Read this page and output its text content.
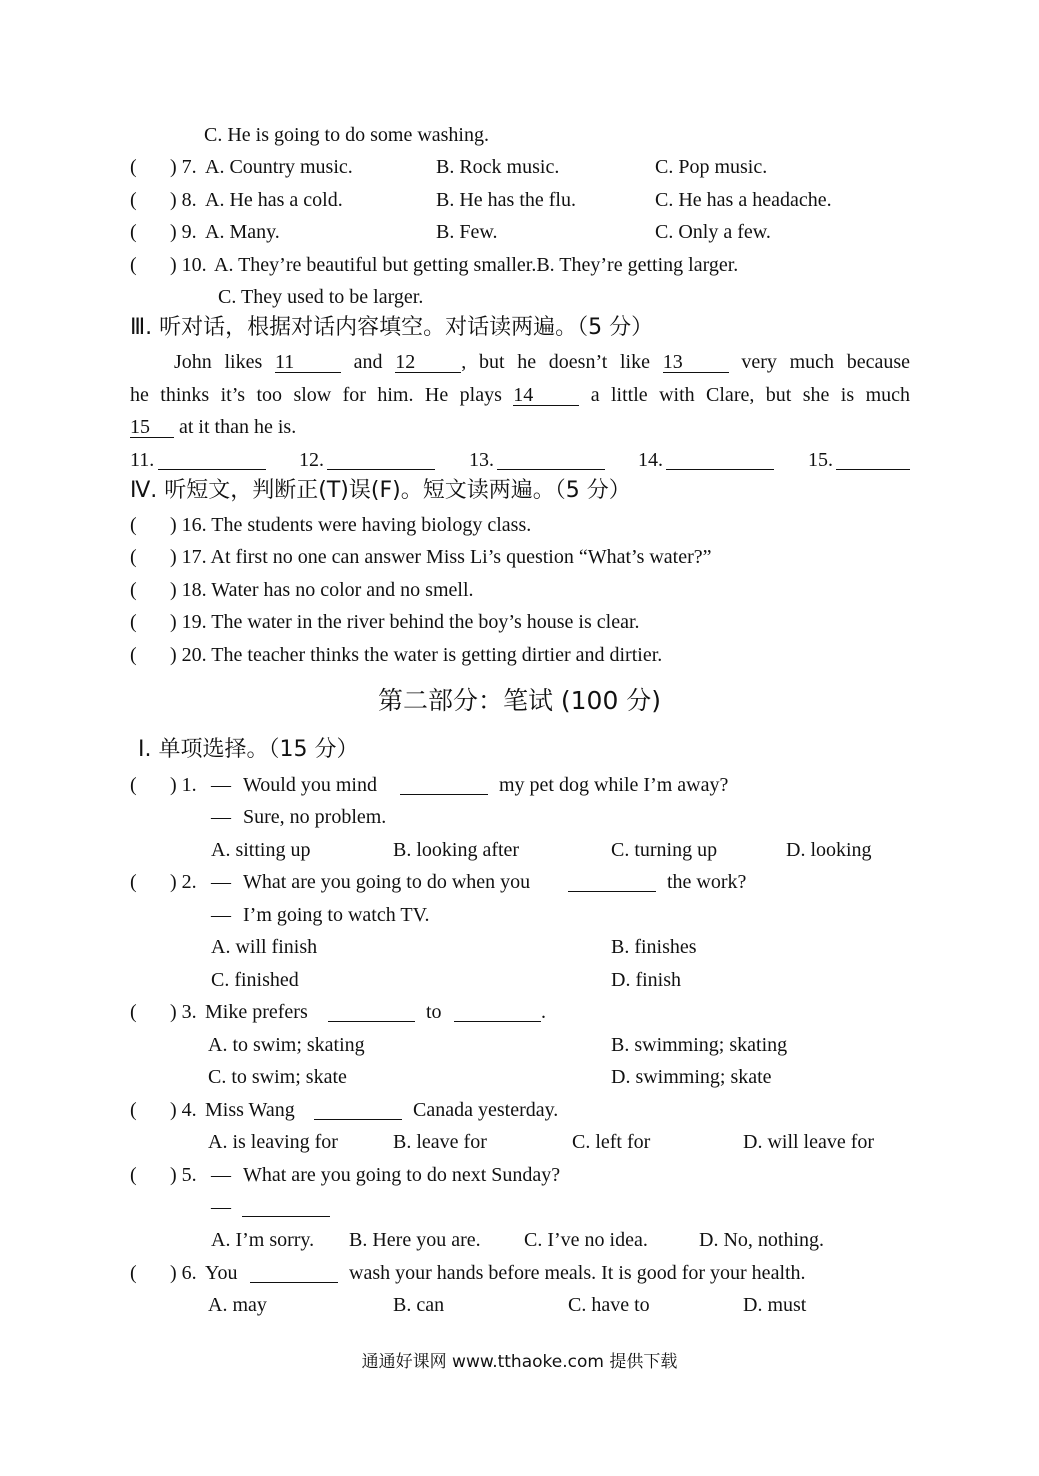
C. He is going to do some washing.
( ) 7. A. Country music.	B. Rock music.	C. Pop music.
( ) 8. A. He has a cold.	B. He has the flu.	C. He has a headache.
( ) 9. A. Many.	B. Few.	C. Only a few.
( ) 10. A. They’re beautiful but getting smaller.B. They’re getting larger.
C. They used to be larger.
Ⅲ. 听对话，根据对话内容填空。对话读两遍。（5 分）
John likes 11	and 12 , but he doesn’t like 13	very much because
he thinks it’s too slow for him. He plays 14	a little with Clare, but she is much
15 at it than he is.
11.	12.	13.	14.	15.
Ⅳ. 听短文，判断正(T)误(F)。短文读两遍。（5 分）
( ) 16. The students were having biology class.
( ) 17. At first no one can answer Miss Li’s question “What’s water?”
( ) 18. Water has no color and no smell.
( ) 19. The water in the river behind the boy’s house is clear.
( ) 20. The teacher thinks the water is getting dirtier and dirtier.
第二部分：笔试 (100 分)
Ⅰ. 单项选择。（15 分）
( ) 1. — Would you mind	my pet dog while I’m away?
— Sure, no problem.
A. sitting up	B. looking after	C. turning up	D. looking
( ) 2. — What are you going to do when you	the work?
— I’m going to watch TV.
A. will finish	B. finishes
C. finished	D. finish
( ) 3. Mike prefers	to	.
A. to swim; skating	B. swimming; skating
C. to swim; skate	D. swimming; skate
( ) 4. Miss Wang	Canada yesterday.
A. is leaving for	B. leave for	C. left for	D. will leave for
( ) 5. — What are you going to do next Sunday?
—
A. I’m sorry. B. Here you are. C. I’ve no idea.	D. No, nothing.
( ) 6. You	wash your hands before meals. It is good for your health.
A. may	B. can	C. have to	D. must
通通好课网 www.tthaoke.com 提供下载
